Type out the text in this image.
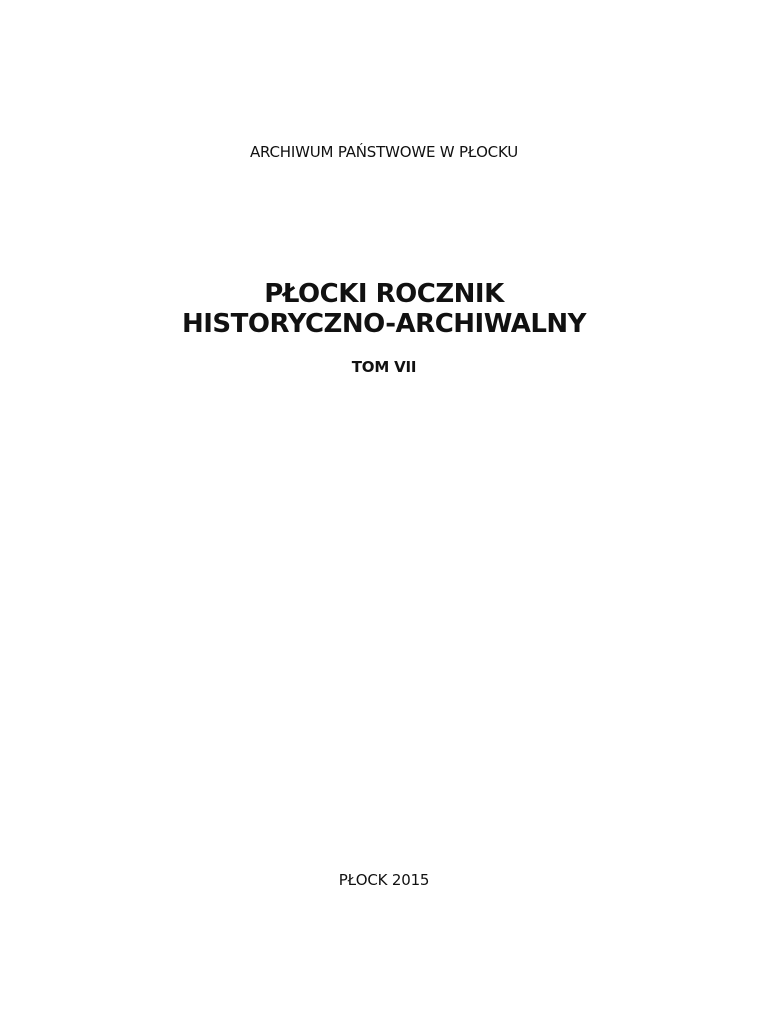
ARCHIWUM PAŃSTWOWE W PŁOCKU
PŁOCKI ROCZNIK
HISTORYCZNO-ARCHIWALNY
TOM VII
PŁOCK 2015
